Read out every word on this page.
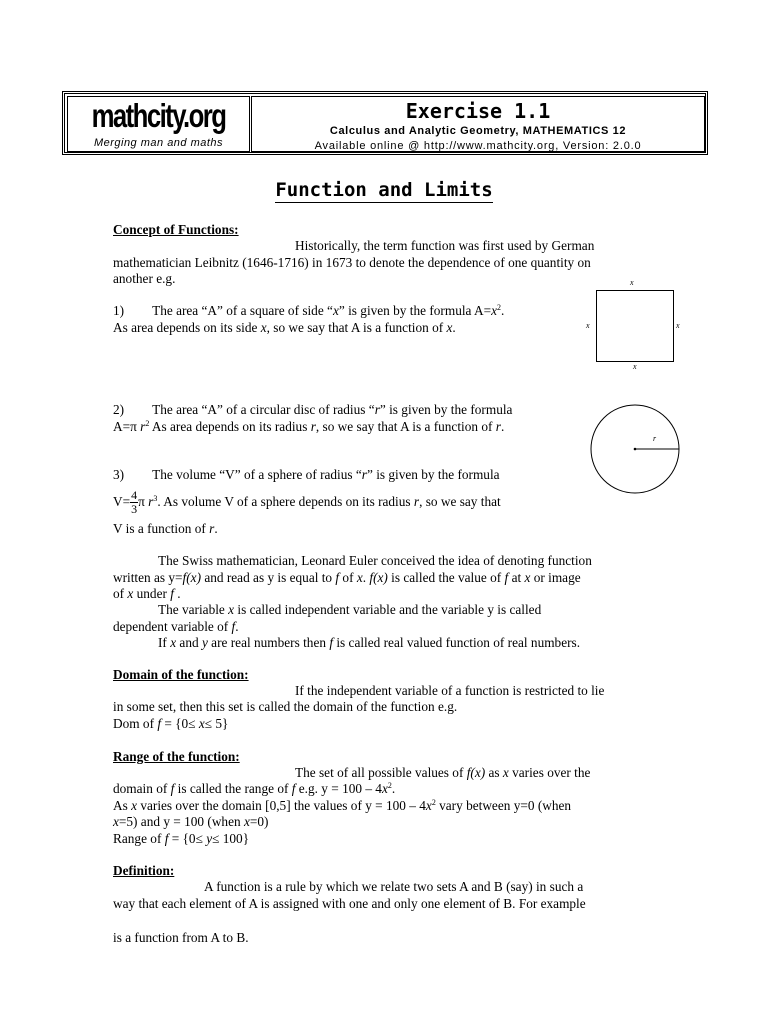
mathcity.org
Merging man and maths
Exercise 1.1
Calculus and Analytic Geometry, MATHEMATICS 12
Available online @ http://www.mathcity.org, Version: 2.0.0
Function and Limits
Concept of Functions:
Historically, the term function was first used by German
mathematician Leibnitz (1646-1716) in 1673 to denote the dependence of one quantity on
another e.g.
1) The area “A” of a square of side “x” is given by the formula $A=x^2$.
As area depends on its side x, so we say that A is a function of x.
x
x	x
x
2) The area “A” of a circular disc of radius “r” is given by the formula
A=π $r^2$ As area depends on its radius r, so we say that A is a function of r.
r
3) The volume “V” of a sphere of radius “r” is given by the formula
$V= \frac{4}{3}$ π $r^3$. As volume V of a sphere depends on its radius r, so we say that
V is a function of r.
The Swiss mathematician, Leonard Euler conceived the idea of denoting function
written as y=f(x) and read as y is equal to f of x. f(x) is called the value of f at x or image
of x under f .
The variable x is called independent variable and the variable y is called
dependent variable of f.
If x and y are real numbers then f is called real valued function of real numbers.
Domain of the function:
If the independent variable of a function is restricted to lie
in some set, then this set is called the domain of the function e.g.
Dom of f = {0≤ x≤ 5}
Range of the function:
The set of all possible values of f(x) as x varies over the
domain of f is called the range of f e.g. $y = 100 - 4x^2$.
As x varies over the domain [0,5] the values of $y = 100 - 4x^2$ vary between y=0 (when
x=5) and y = 100 (when x=0)
Range of f = {0≤ y≤ 100}
Definition:
A function is a rule by which we relate two sets A and B (say) in such a
way that each element of A is assigned with one and only one element of B. For example
is a function from A to B.
